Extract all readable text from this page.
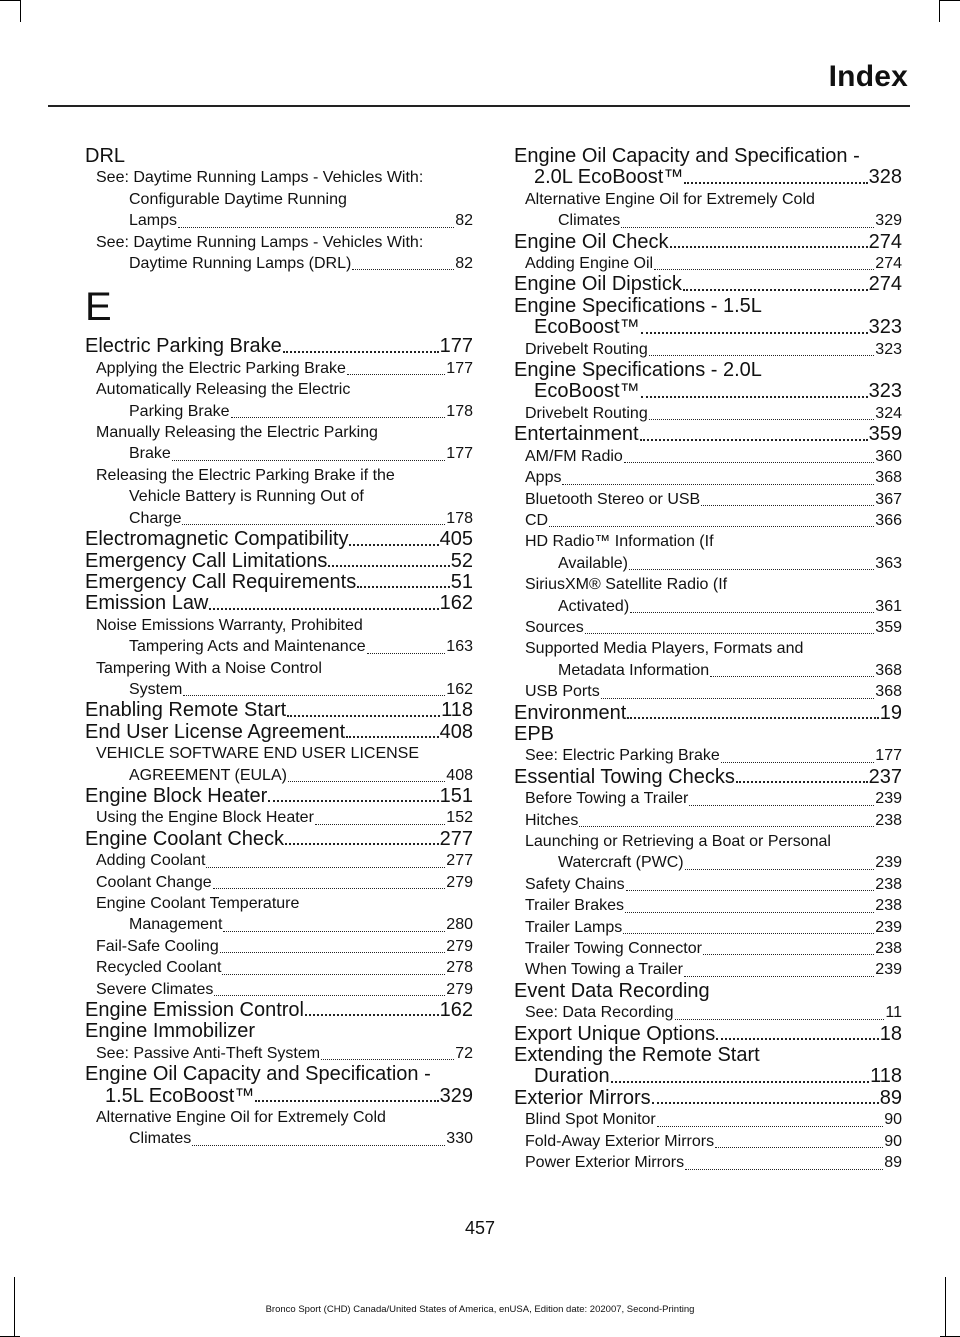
Index
DRL
See: Daytime Running Lamps - Vehicles With:
Configurable Daytime Running
Lamps	82
See: Daytime Running Lamps - Vehicles With:
Daytime Running Lamps (DRL)	82
E
Electric Parking Brake	177
Applying the Electric Parking Brake	177
Automatically Releasing the Electric
Parking Brake	178
Manually Releasing the Electric Parking
Brake	177
Releasing the Electric Parking Brake if the
Vehicle Battery is Running Out of
Charge	178
Electromagnetic Compatibility	405
Emergency Call Limitations	52
Emergency Call Requirements	51
Emission Law	162
Noise Emissions Warranty, Prohibited
Tampering Acts and Maintenance	163
Tampering With a Noise Control
System	162
Enabling Remote Start	118
End User License Agreement	408
VEHICLE SOFTWARE END USER LICENSE
AGREEMENT (EULA)	408
Engine Block Heater	151
Using the Engine Block Heater	152
Engine Coolant Check	277
Adding Coolant	277
Coolant Change	279
Engine Coolant Temperature
Management	280
Fail-Safe Cooling	279
Recycled Coolant	278
Severe Climates	279
Engine Emission Control	162
Engine Immobilizer
See: Passive Anti-Theft System	72
Engine Oil Capacity and Specification -
1.5L EcoBoost™	329
Alternative Engine Oil for Extremely Cold
Climates	330
Engine Oil Capacity and Specification -
2.0L EcoBoost™	328
Alternative Engine Oil for Extremely Cold
Climates	329
Engine Oil Check	274
Adding Engine Oil	274
Engine Oil Dipstick	274
Engine Specifications - 1.5L
EcoBoost™	323
Drivebelt Routing	323
Engine Specifications - 2.0L
EcoBoost™	323
Drivebelt Routing	324
Entertainment	359
AM/FM Radio	360
Apps	368
Bluetooth Stereo or USB	367
CD	366
HD Radio™ Information (If
Available)	363
SiriusXM® Satellite Radio (If
Activated)	361
Sources	359
Supported Media Players, Formats and
Metadata Information	368
USB Ports	368
Environment	19
EPB
See: Electric Parking Brake	177
Essential Towing Checks	237
Before Towing a Trailer	239
Hitches	238
Launching or Retrieving a Boat or Personal
Watercraft (PWC)	239
Safety Chains	238
Trailer Brakes	238
Trailer Lamps	239
Trailer Towing Connector	238
When Towing a Trailer	239
Event Data Recording
See: Data Recording	11
Export Unique Options	18
Extending the Remote Start
Duration	118
Exterior Mirrors	89
Blind Spot Monitor	90
Fold-Away Exterior Mirrors	90
Power Exterior Mirrors	89
457
Bronco Sport (CHD) Canada/United States of America, enUSA, Edition date: 202007, Second-Printing
